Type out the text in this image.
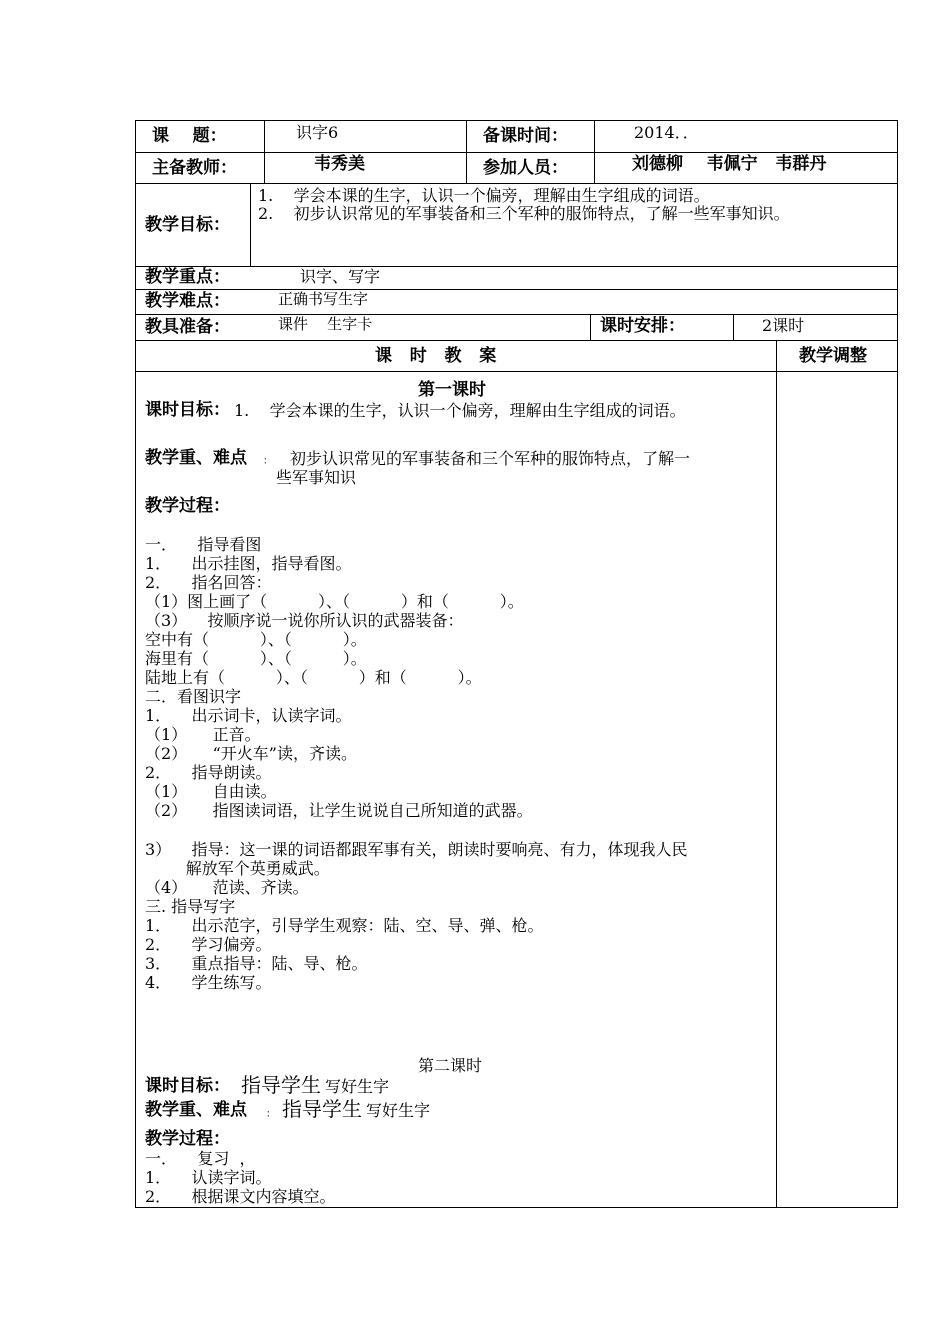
课    题：	识字6	备课时间：	2014．．
主备教师：	韦秀美	参加人员：	刘德柳    韦佩宁   韦群丹
教学目标：
1.    学会本课的生字，认识一个偏旁，理解由生字组成的词语。
2.    初步认识常见的军事装备和三个军种的服饰特点，了解一些军事知识。
教学重点：	识字、写字
教学难点：	正确书写生字
教具准备：	课件    生字卡	课时安排：	2课时
课   时   教   案	教学调整
第一课时
课时目标： 1.    学会本课的生字，认识一个偏旁，理解由生字组成的词语。
教学重、难点 ： 初步认识常见的军事装备和三个军种的服饰特点，了解一
些军事知识
教学过程：
一．    指导看图
1．    出示挂图，指导看图。
2．    指名回答：
（1）图上画了（          ）、（          ）和（          ）。
（3）    按顺序说一说你所认识的武器装备：
空中有（          ）、（          ）。
海里有（          ）、（          ）。
陆地上有（          ）、（          ）和（          ）。
二．看图识字
1．    出示词卡，认读字词。
（1）     正音。
（2）     “开火车”读，齐读。
2．    指导朗读。
（1）     自由读。
（2）     指图读词语，让学生说说自己所知道的武器。
3）    指导：这一课的词语都跟军事有关，朗读时要响亮、有力，体现我人民
解放军个英勇威武。
（4）     范读、齐读。
三. 指导写字
1．    出示范字，引导学生观察：陆、空、导、弹、枪。
2．    学习偏旁。
3．    重点指导：陆、导、枪。
4．    学生练写。
第二课时
课时目标： 指导学生 写好生字
教学重、难点 ： 指导学生 写好生字
教学过程：
一．    复习  ，
1．    认读字词。
2．    根据课文内容填空。
